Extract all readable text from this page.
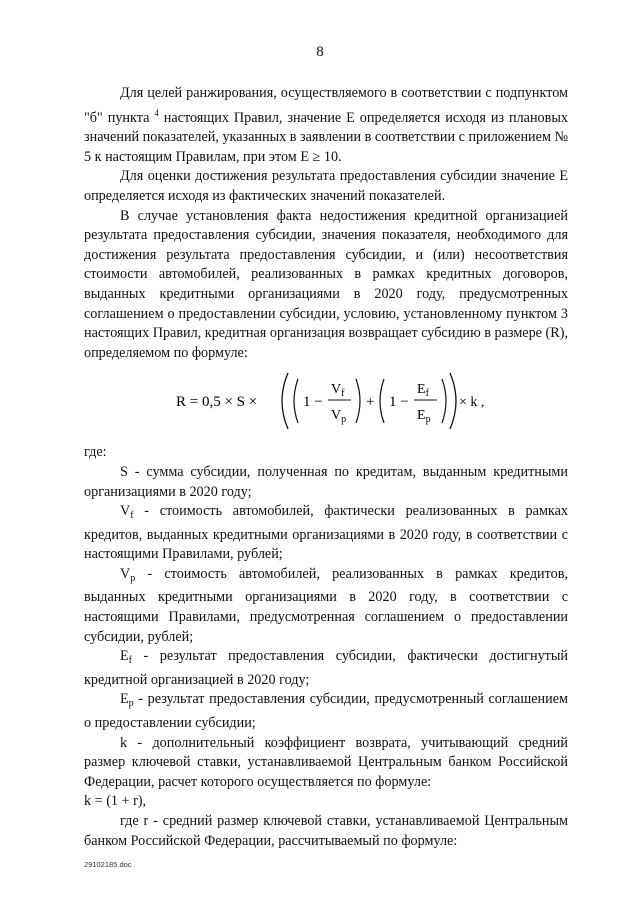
8

Для целей ранжирования, осуществляемого в соответствии с подпунктом "б" пункта $^4$ настоящих Правил, значение Е определяется исходя из плановых значений показателей, указанных в заявлении в соответствии с приложением № 5 к настоящим Правилам, при этом Е ≥ 10.

Для оценки достижения результата предоставления субсидии значение Е определяется исходя из фактических значений показателей.

В случае установления факта недостижения кредитной организацией результата предоставления субсидии, значения показателя, необходимого для достижения результата предоставления субсидии, и (или) несоответствия стоимости автомобилей, реализованных в рамках кредитных договоров, выданных кредитными организациями в 2020 году, предусмотренных соглашением о предоставлении субсидии, условию, установленному пунктом 3 настоящих Правил, кредитная организация возвращает субсидию в размере (R), определяемом по формуле:

R = 0,5 × S ×	1 −
$V_f$
$V_p$
+ 1 −
$E_f$
$E_p$
× k ,

где:

S - сумма субсидии, полученная по кредитам, выданным кредитными организациями в 2020 году;

$V_f$ - стоимость автомобилей, фактически реализованных в рамках кредитов, выданных кредитными организациями в 2020 году, в соответствии с настоящими Правилами, рублей;

$V_p$ - стоимость автомобилей, реализованных в рамках кредитов, выданных кредитными организациями в 2020 году, в соответствии с настоящими Правилами, предусмотренная соглашением о предоставлении субсидии, рублей;

$E_f$ - результат предоставления субсидии, фактически достигнутый кредитной организацией в 2020 году;

$E_p$ - результат предоставления субсидии, предусмотренный соглашением о предоставлении субсидии;

k - дополнительный коэффициент возврата, учитывающий средний размер ключевой ставки, устанавливаемой Центральным банком Российской Федерации, расчет которого осуществляется по формуле:

k = (1 + r),

где r - средний размер ключевой ставки, устанавливаемой Центральным банком Российской Федерации, рассчитываемый по формуле:

29102185.doc
